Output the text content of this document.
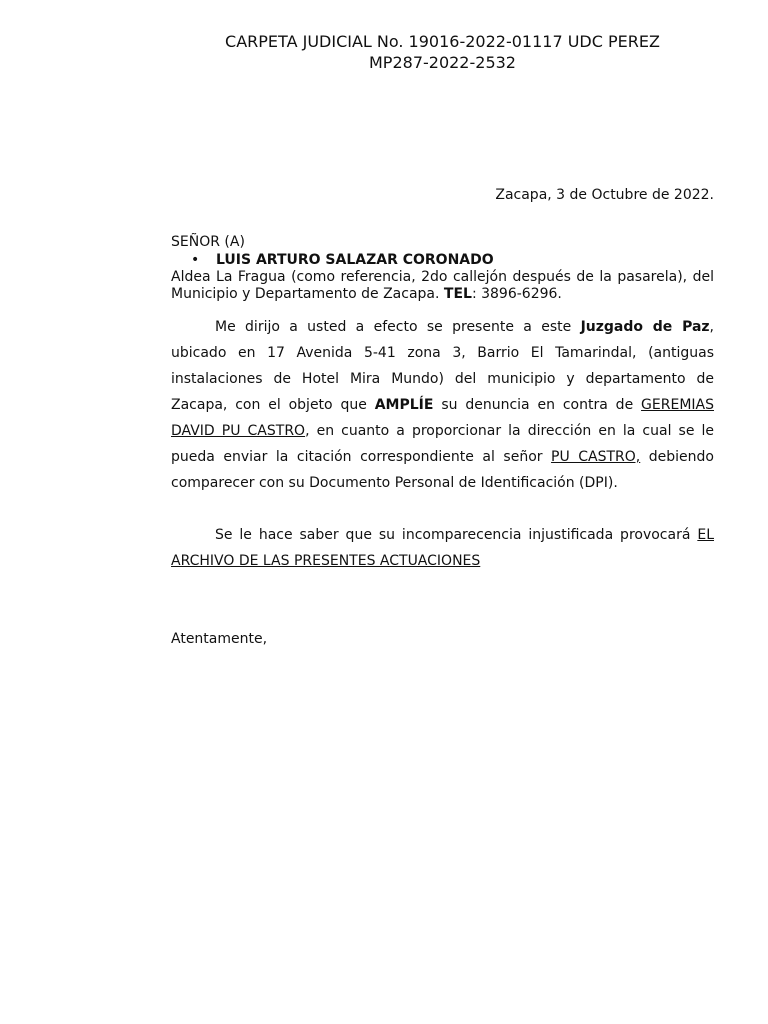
CARPETA JUDICIAL No. 19016-2022-01117 UDC PEREZ
MP287-2022-2532
Zacapa, 3 de Octubre de 2022.
SEÑOR (A)
• LUIS ARTURO SALAZAR CORONADO
Aldea La Fragua (como referencia, 2do callejón después de la pasarela), del Municipio y Departamento de Zacapa. TEL: 3896-6296.

Me dirijo a usted a efecto se presente a este Juzgado de Paz, ubicado en 17 Avenida 5-41 zona 3, Barrio El Tamarindal, (antiguas instalaciones de Hotel Mira Mundo) del municipio y departamento de Zacapa, con el objeto que AMPLÍE su denuncia en contra de GEREMIAS DAVID PU CASTRO, en cuanto a proporcionar la dirección en la cual se le pueda enviar la citación correspondiente al señor PU CASTRO, debiendo comparecer con su Documento Personal de Identificación (DPI).

Se le hace saber que su incomparecencia injustificada provocará EL ARCHIVO DE LAS PRESENTES ACTUACIONES

Atentamente,
